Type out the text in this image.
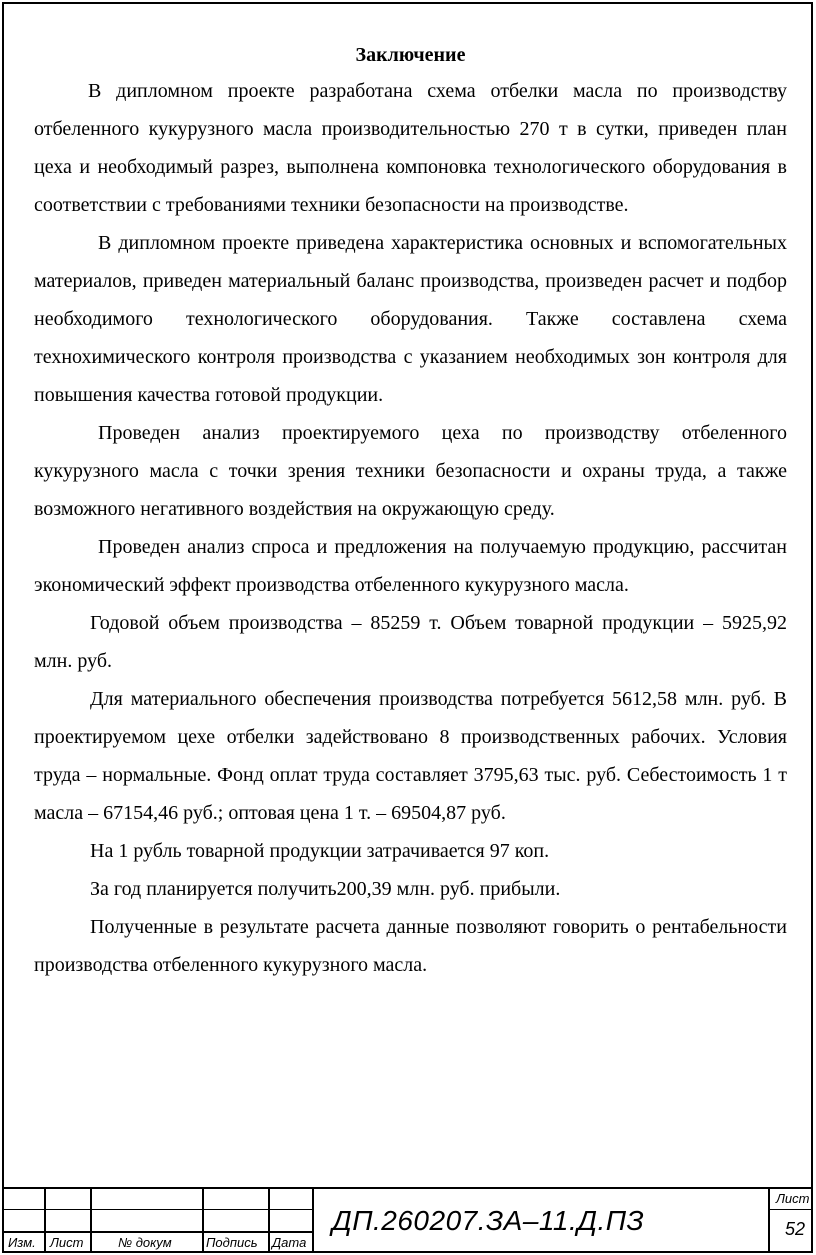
Заключение

В дипломном проекте разработана схема отбелки масла по производству отбеленного кукурузного масла производительностью 270 т в сутки, приведен план цеха и необходимый разрез, выполнена компоновка технологического оборудования в соответствии с требованиями техники безопасности на производстве.

В дипломном проекте приведена характеристика основных и вспомогательных материалов, приведен материальный баланс производства, произведен расчет и подбор необходимого технологического оборудования. Также составлена схема технохимического контроля производства с указанием необходимых зон контроля для повышения качества готовой продукции.

Проведен анализ проектируемого цеха по производству отбеленного кукурузного масла с точки зрения техники безопасности и охраны труда, а также возможного негативного воздействия на окружающую среду.

Проведен анализ спроса и предложения на получаемую продукцию, рассчитан экономический эффект производства отбеленного кукурузного масла.

Годовой объем производства – 85259 т. Объем товарной продукции – 5925,92 млн. руб.

Для материального обеспечения производства потребуется 5612,58 млн. руб. В проектируемом цехе отбелки задействовано 8 производственных рабочих. Условия труда – нормальные. Фонд оплат труда составляет 3795,63 тыс. руб. Себестоимость 1 т масла – 67154,46 руб.; оптовая цена 1 т. – 69504,87 руб.

На 1 рубль товарной продукции затрачивается 97 коп.

За год планируется получить200,39 млн. руб. прибыли.

Полученные в результате расчета данные позволяют говорить о рентабельности производства отбеленного кукурузного масла.

Изм. Лист	№ докум	Подпись Дата
ДП.260207.ЗА–11.Д.ПЗ
Лист
52
